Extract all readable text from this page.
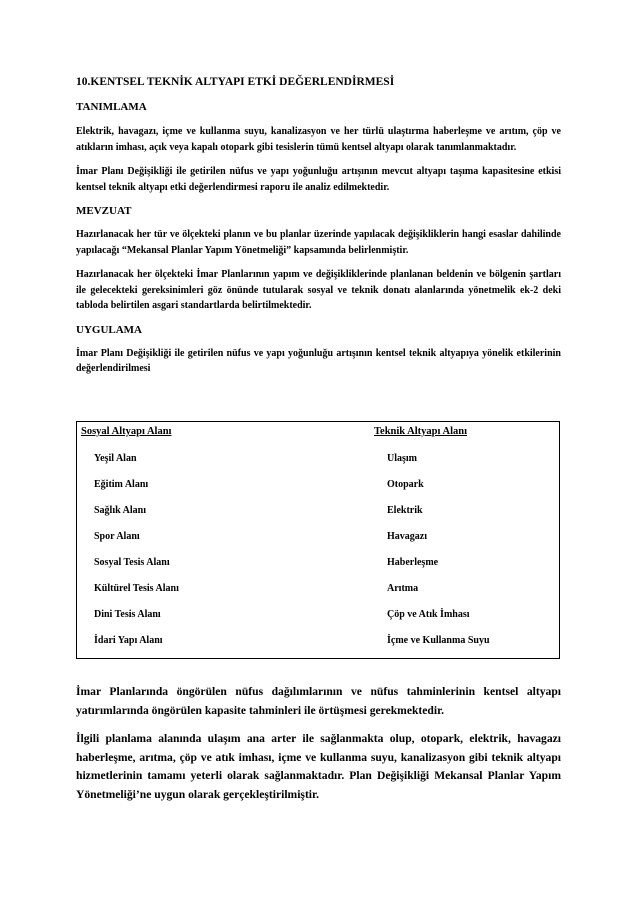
10.KENTSEL TEKNİK ALTYAPI ETKİ DEĞERLENDİRMESİ

TANIMLAMA

Elektrik, havagazı, içme ve kullanma suyu, kanalizasyon ve her türlü ulaştırma haberleşme ve arıtım, çöp ve atıkların imhası, açık veya kapalı otopark gibi tesislerin tümü kentsel altyapı olarak tanımlanmaktadır.

İmar Planı Değişikliği ile getirilen nüfus ve yapı yoğunluğu artışının mevcut altyapı taşıma kapasitesine etkisi kentsel teknik altyapı etki değerlendirmesi raporu ile analiz edilmektedir.

MEVZUAT

Hazırlanacak her tür ve ölçekteki planın ve bu planlar üzerinde yapılacak değişikliklerin hangi esaslar dahilinde yapılacağı “Mekansal Planlar Yapım Yönetmeliği” kapsamında belirlenmiştir.

Hazırlanacak her ölçekteki İmar Planlarının yapım ve değişikliklerinde planlanan beldenin ve bölgenin şartları ile gelecekteki gereksinimleri göz önünde tutularak sosyal ve teknik donatı alanlarında yönetmelik ek-2 deki tabloda belirtilen asgari standartlarda belirtilmektedir.

UYGULAMA

İmar Planı Değişikliği ile getirilen nüfus ve yapı yoğunluğu artışının kentsel teknik altyapıya yönelik etkilerinin değerlendirilmesi

Sosyal Altyapı Alanı	Teknik Altyapı Alanı
Yeşil Alan
Eğitim Alanı
Sağlık Alanı
Spor Alanı
Sosyal Tesis Alanı
Kültürel Tesis Alanı
Dini Tesis Alanı
İdari Yapı Alanı
Ulaşım
Otopark
Elektrik
Havagazı
Haberleşme
Arıtma
Çöp ve Atık İmhası
İçme ve Kullanma Suyu

İmar Planlarında öngörülen nüfus dağılımlarının ve nüfus tahminlerinin kentsel altyapı yatırımlarında öngörülen kapasite tahminleri ile örtüşmesi gerekmektedir.

İlgili planlama alanında ulaşım ana arter ile sağlanmakta olup, otopark, elektrik, havagazı haberleşme, arıtma, çöp ve atık imhası, içme ve kullanma suyu, kanalizasyon gibi teknik altyapı hizmetlerinin tamamı yeterli olarak sağlanmaktadır. Plan Değişikliği Mekansal Planlar Yapım Yönetmeliği’ne uygun olarak gerçekleştirilmiştir.
